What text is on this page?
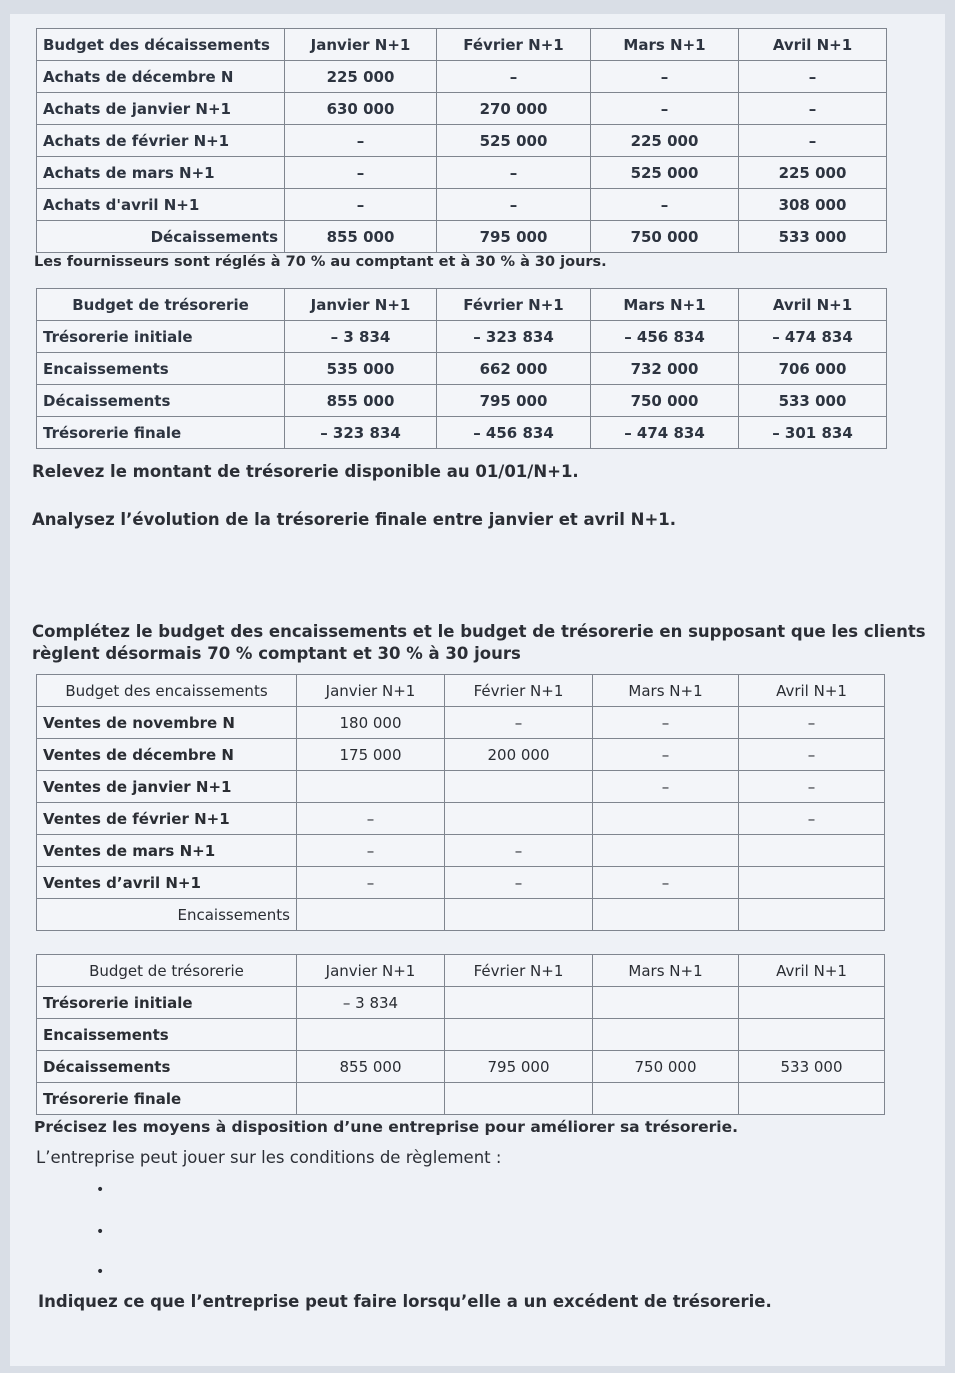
Budget des décaissements	Janvier N+1	Février N+1	Mars N+1	Avril N+1
Achats de décembre N	225 000	–	–	–
Achats de janvier N+1	630 000	270 000	–	–
Achats de février N+1	–	525 000	225 000	–
Achats de mars N+1	–	–	525 000	225 000
Achats d'avril N+1	–	–	–	308 000
Décaissements	855 000	795 000	750 000	533 000
Les fournisseurs sont réglés à 70 % au comptant et à 30 % à 30 jours.
Budget de trésorerie	Janvier N+1	Février N+1	Mars N+1	Avril N+1
Trésorerie initiale	– 3 834	– 323 834	– 456 834	– 474 834
Encaissements	535 000	662 000	732 000	706 000
Décaissements	855 000	795 000	750 000	533 000
Trésorerie finale	– 323 834	– 456 834	– 474 834	– 301 834
Relevez le montant de trésorerie disponible au 01/01/N+1.
Analysez l’évolution de la trésorerie finale entre janvier et avril N+1.
Complétez le budget des encaissements et le budget de trésorerie en supposant que les clients
règlent désormais 70 % comptant et 30 % à 30 jours
Budget des encaissements	Janvier N+1	Février N+1	Mars N+1	Avril N+1
Ventes de novembre N	180 000	–	–	–
Ventes de décembre N	175 000	200 000	–	–
Ventes de janvier N+1			–	–
Ventes de février N+1	–			–
Ventes de mars N+1	–	–		
Ventes d’avril N+1	–	–	–	
Encaissements				
Budget de trésorerie	Janvier N+1	Février N+1	Mars N+1	Avril N+1
Trésorerie initiale	– 3 834			
Encaissements				
Décaissements	855 000	795 000	750 000	533 000
Trésorerie finale				
Précisez les moyens à disposition d’une entreprise pour améliorer sa trésorerie.
L’entreprise peut jouer sur les conditions de règlement :
•
•
•
Indiquez ce que l’entreprise peut faire lorsqu’elle a un excédent de trésorerie.
